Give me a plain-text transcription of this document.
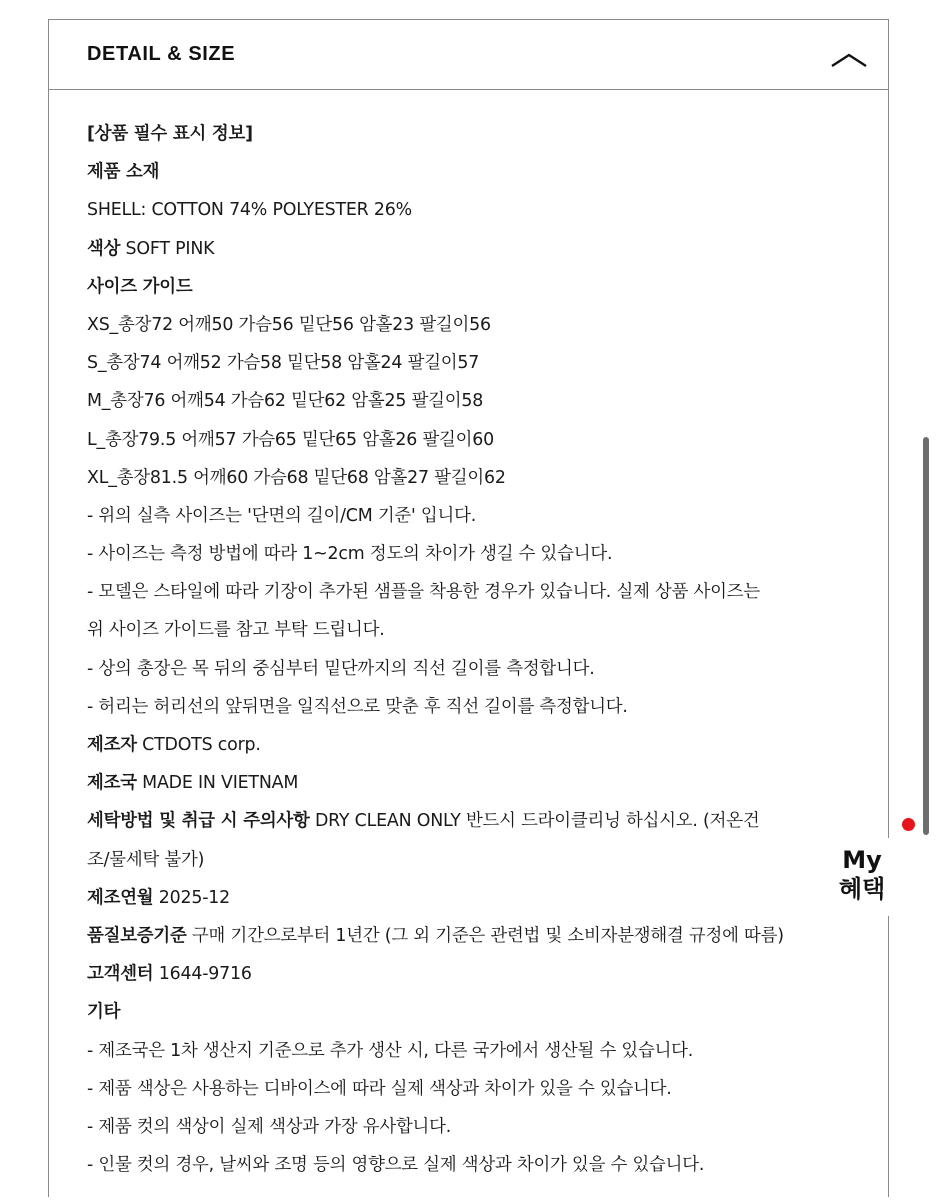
DETAIL & SIZE
[상품 필수 표시 정보]
제품 소재
SHELL: COTTON 74% POLYESTER 26%
색상 SOFT PINK
사이즈 가이드
XS_총장72 어깨50 가슴56 밑단56 암홀23 팔길이56
S_총장74 어깨52 가슴58 밑단58 암홀24 팔길이57
M_총장76 어깨54 가슴62 밑단62 암홀25 팔길이58
L_총장79.5 어깨57 가슴65 밑단65 암홀26 팔길이60
XL_총장81.5 어깨60 가슴68 밑단68 암홀27 팔길이62
- 위의 실측 사이즈는 '단면의 길이/CM 기준' 입니다.
- 사이즈는 측정 방법에 따라 1~2cm 정도의 차이가 생길 수 있습니다.
- 모델은 스타일에 따라 기장이 추가된 샘플을 착용한 경우가 있습니다. 실제 상품 사이즈는
위 사이즈 가이드를 참고 부탁 드립니다.
- 상의 총장은 목 뒤의 중심부터 밑단까지의 직선 길이를 측정합니다.
- 허리는 허리선의 앞뒤면을 일직선으로 맞춘 후 직선 길이를 측정합니다.
제조자 CTDOTS corp.
제조국 MADE IN VIETNAM
세탁방법 및 취급 시 주의사항 DRY CLEAN ONLY 반드시 드라이클리닝 하십시오. (저온건
조/물세탁 불가)
제조연월 2025-12
품질보증기준 구매 기간으로부터 1년간 (그 외 기준은 관련법 및 소비자분쟁해결 규정에 따름)
고객센터 1644-9716
기타
- 제조국은 1차 생산지 기준으로 추가 생산 시, 다른 국가에서 생산될 수 있습니다.
- 제품 색상은 사용하는 디바이스에 따라 실제 색상과 차이가 있을 수 있습니다.
- 제품 컷의 색상이 실제 색상과 가장 유사합니다.
- 인물 컷의 경우, 날씨와 조명 등의 영향으로 실제 색상과 차이가 있을 수 있습니다.
My
혜택
